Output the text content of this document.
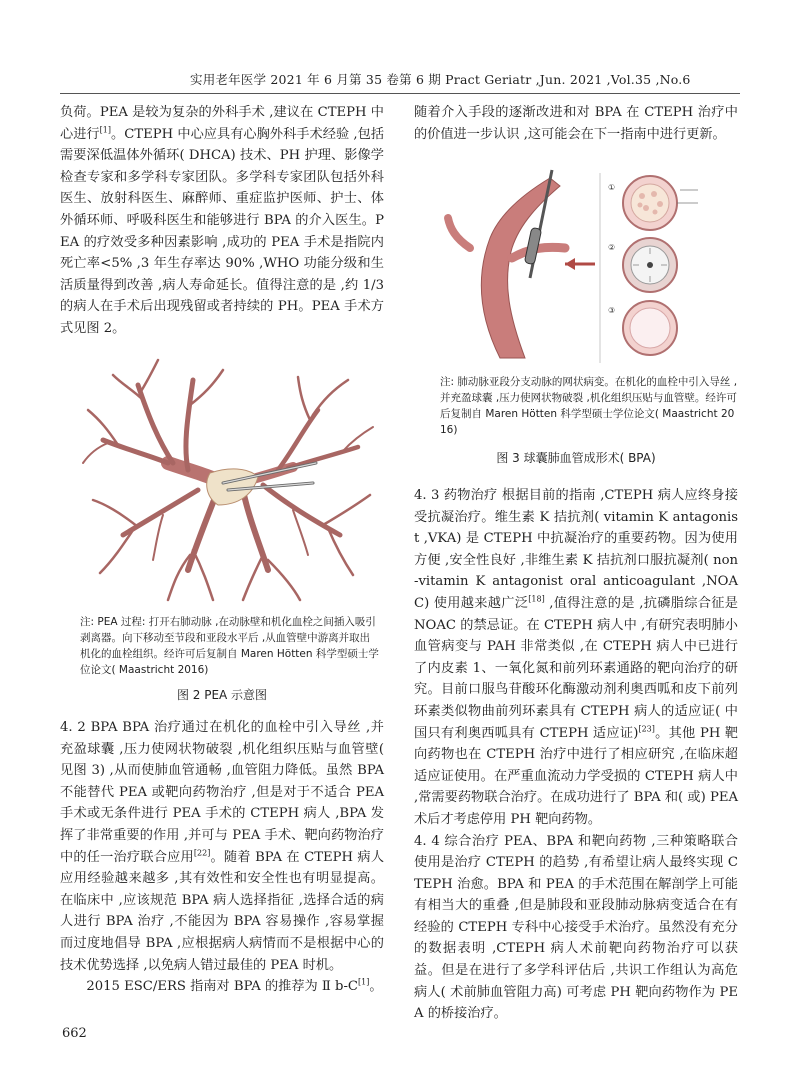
实用老年医学 2021 年 6 月第 35 卷第 6 期 Pract Geriatr ,Jun. 2021 ,Vol.35 ,No.6

负荷。PEA 是较为复杂的外科手术 ,建议在 CTEPH 中心进行[1]。CTEPH 中心应具有心胸外科手术经验 ,包括需要深低温体外循环( DHCA) 技术、PH 护理、影像学检查专家和多学科专家团队。多学科专家团队包括外科医生、放射科医生、麻醉师、重症监护医师、护士、体外循环师、呼吸科医生和能够进行 BPA 的介入医生。PEA 的疗效受多种因素影响 ,成功的 PEA 手术是指院内死亡率<5% ,3 年生存率达 90% ,WHO 功能分级和生活质量得到改善 ,病人寿命延长。值得注意的是 ,约 1/3 的病人在手术后出现残留或者持续的 PH。PEA 手术方式见图 2。

注: PEA 过程: 打开右肺动脉 ,在动脉壁和机化血栓之间插入吸引剥离器。向下移动至节段和亚段水平后 ,从血管壁中游离并取出机化的血栓组织。经许可后复制自 Maren Hötten 科学型硕士学位论文( Maastricht 2016)
图 2 PEA 示意图

4. 2 BPA BPA 治疗通过在机化的血栓中引入导丝 ,并充盈球囊 ,压力使网状物破裂 ,机化组织压贴与血管壁( 见图 3) ,从而使肺血管通畅 ,血管阻力降低。虽然 BPA 不能替代 PEA 或靶向药物治疗 ,但是对于不适合 PEA 手术或无条件进行 PEA 手术的 CTEPH 病人 ,BPA 发挥了非常重要的作用 ,并可与 PEA 手术、靶向药物治疗中的任一治疗联合应用[22]。随着 BPA 在 CTEPH 病人应用经验越来越多 ,其有效性和安全性也有明显提高。在临床中 ,应该规范 BPA 病人选择指征 ,选择合适的病人进行 BPA 治疗 ,不能因为 BPA 容易操作 ,容易掌握而过度地倡导 BPA ,应根据病人病情而不是根据中心的技术优势选择 ,以免病人错过最佳的 PEA 时机。

2015 ESC/ERS 指南对 BPA 的推荐为 Ⅱ b-C[1]。

随着介入手段的逐渐改进和对 BPA 在 CTEPH 治疗中的价值进一步认识 ,这可能会在下一指南中进行更新。

①
②
③
注: 肺动脉亚段分支动脉的网状病变。在机化的血栓中引入导丝 ,并充盈球囊 ,压力使网状物破裂 ,机化组织压贴与血管壁。经许可后复制自 Maren Hötten 科学型硕士学位论文( Maastricht 2016)
图 3 球囊肺血管成形术( BPA)

4. 3 药物治疗 根据目前的指南 ,CTEPH 病人应终身接受抗凝治疗。维生素 K 拮抗剂( vitamin K antagonist ,VKA) 是 CTEPH 中抗凝治疗的重要药物。因为使用方便 ,安全性良好 ,非维生素 K 拮抗剂口服抗凝剂( non-vitamin K antagonist oral anticoagulant ,NOAC) 使用越来越广泛[18] ,值得注意的是 ,抗磷脂综合征是 NOAC 的禁忌证。在 CTEPH 病人中 ,有研究表明肺小血管病变与 PAH 非常类似 ,在 CTEPH 病人中已进行了内皮素 1、一氧化氮和前列环素通路的靶向治疗的研究。目前口服鸟苷酸环化酶激动剂利奥西呱和皮下前列环素类似物曲前列环素具有 CTEPH 病人的适应证( 中国只有利奥西呱具有 CTEPH 适应证)[23]。其他 PH 靶向药物也在 CTEPH 治疗中进行了相应研究 ,在临床超适应证使用。在严重血流动力学受损的 CTEPH 病人中 ,常需要药物联合治疗。在成功进行了 BPA 和( 或) PEA 术后才考虑停用 PH 靶向药物。

4. 4 综合治疗 PEA、BPA 和靶向药物 ,三种策略联合使用是治疗 CTEPH 的趋势 ,有希望让病人最终实现 CTEPH 治愈。BPA 和 PEA 的手术范围在解剖学上可能有相当大的重叠 ,但是肺段和亚段肺动脉病变适合在有经验的 CTEPH 专科中心接受手术治疗。虽然没有充分的数据表明 ,CTEPH 病人术前靶向药物治疗可以获益。但是在进行了多学科评估后 ,共识工作组认为高危病人( 术前肺血管阻力高) 可考虑 PH 靶向药物作为 PEA 的桥接治疗。

662
